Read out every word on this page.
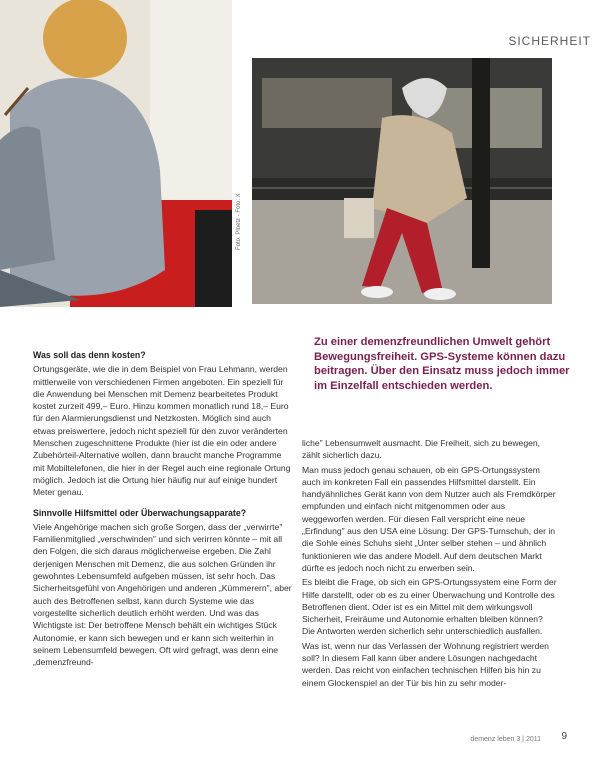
SICHERHEIT
Foto: Ploetz - Foto: X
Zu einer demenzfreundlichen Umwelt gehört Bewegungsfreiheit. GPS-Systeme können dazu beitragen. Über den Einsatz muss jedoch immer im Einzelfall entschieden werden.
Was soll das denn kosten?

Ortungsgeräte, wie die in dem Beispiel von Frau Lehmann, werden mittlerweile von verschiedenen Firmen angeboten. Ein speziell für die Anwendung bei Menschen mit Demenz bearbeitetes Produkt kostet zurzeit 499,– Euro. Hinzu kommen monatlich rund 18,– Euro für den Alarmierungsdienst und Netzkosten. Möglich sind auch etwas preiswertere, jedoch nicht speziell für den zuvor veränderten Menschen zugeschnittene Produkte (hier ist die ein oder andere Zubehörteil-Alternative wollen, dann braucht manche Programme mit Mobiltelefonen, die hier in der Regel auch eine regionale Ortung möglich. Jedoch ist die Ortung hier häufig nur auf einige hundert Meter genau.

Sinnvolle Hilfsmittel oder Überwachungsapparate?

Viele Angehörige machen sich große Sorgen, dass der „verwirrte" Familienmitglied „verschwinden" und sich verirren könnte – mit all den Folgen, die sich daraus möglicherweise ergeben. Die Zahl derjenigen Menschen mit Demenz, die aus solchen Gründen ihr gewohntes Lebensumfeld aufgeben müssen, ist sehr hoch. Das Sicherheitsgefühl von Angehörigen und anderen „Kümmerern", aber auch des Betroffenen selbst, kann durch Systeme wie das vorgestellte sicherlich deutlich erhöht werden. Und was das Wichtigste ist: Der betroffene Mensch behält ein wichtiges Stück Autonomie, er kann sich bewegen und er kann sich weiterhin in seinem Lebensumfeld bewegen. Oft wird gefragt, was denn eine „demenzfreund-

liche" Lebensumwelt ausmacht. Die Freiheit, sich zu bewegen, zählt sicherlich dazu.

Man muss jedoch genau schauen, ob ein GPS-Ortungssystem auch im konkreten Fall ein passendes Hilfsmittel darstellt. Ein handyähnliches Gerät kann von dem Nutzer auch als Fremdkörper empfunden und einfach nicht mitgenommen oder aus weggeworfen werden. Für diesen Fall verspricht eine neue „Erfindung" aus den USA eine Lösung: Der GPS-Turnschuh, der in die Sohle eines Schuhs sieht „Unter selber stehen – und ähnlich funktionieren wie das andere Modell. Auf dem deutschen Markt dürfte es jedoch noch nicht zu erwerben sein.

Es bleibt die Frage, ob sich ein GPS-Ortungssystem eine Form der Hilfe darstellt, oder ob es zu einer Überwachung und Kontrolle des Betroffenen dient. Oder ist es ein Mittel mit dem wirkungsvoll Sicherheit, Freiräume und Autonomie erhalten bleiben können? Die Antworten werden sicherlich sehr unterschiedlich ausfallen.

Was ist, wenn nur das Verlassen der Wohnung registriert werden soll? In diesem Fall kann über andere Lösungen nachgedacht werden. Das reicht von einfachen technischen Hilfen bis hin zu einem Glockenspiel an der Tür bis hin zu sehr moder-

demenz leben 3 | 2011 9
